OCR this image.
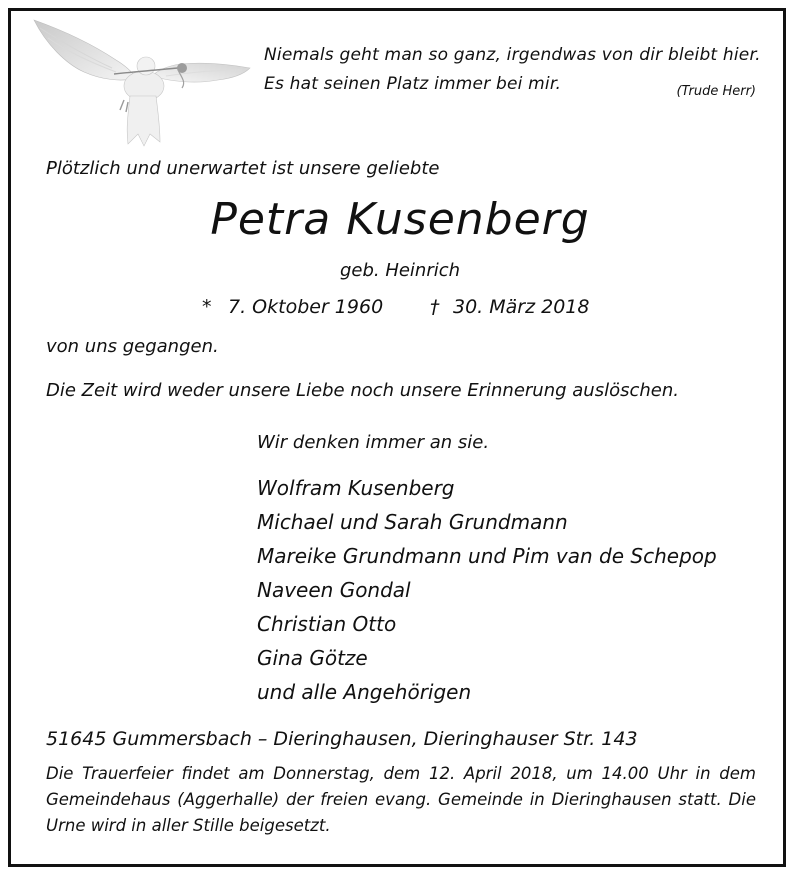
Niemals geht man so ganz, irgendwas von dir bleibt hier.
Es hat seinen Platz immer bei mir.	(Trude Herr)
Plötzlich und unerwartet ist unsere geliebte
Petra Kusenberg
geb. Heinrich
* 7. Oktober 1960 † 30. März 2018
von uns gegangen.
Die Zeit wird weder unsere Liebe noch unsere Erinnerung auslöschen.
Wir denken immer an sie.
Wolfram Kusenberg
Michael und Sarah Grundmann
Mareike Grundmann und Pim van de Schepop
Naveen Gondal
Christian Otto
Gina Götze
und alle Angehörigen
51645 Gummersbach – Dieringhausen, Dieringhauser Str. 143
Die Trauerfeier findet am Donnerstag, dem 12. April 2018, um 14.00 Uhr in dem Gemeindehaus (Aggerhalle) der freien evang. Gemeinde in Dieringhausen statt. Die Urne wird in aller Stille beigesetzt.
